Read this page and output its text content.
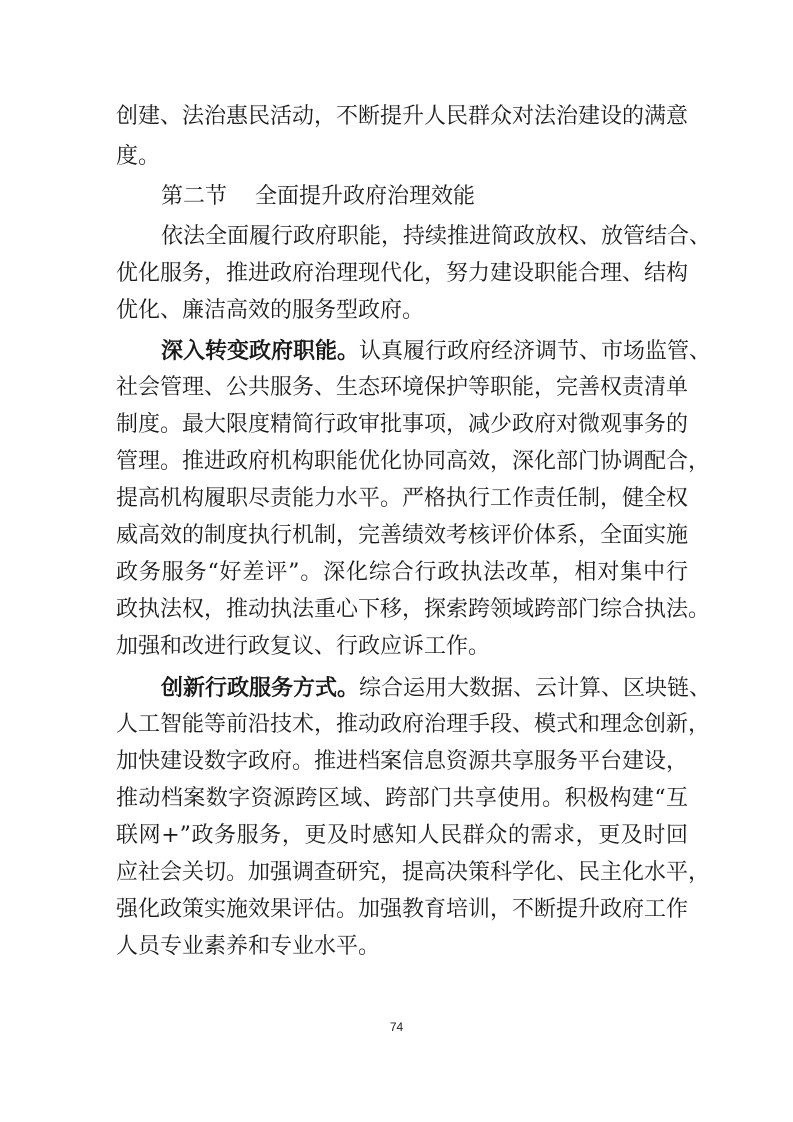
创建、法治惠民活动，不断提升人民群众对法治建设的满意
度。
第二节 全面提升政府治理效能
依法全面履行政府职能，持续推进简政放权、放管结合、
优化服务，推进政府治理现代化，努力建设职能合理、结构
优化、廉洁高效的服务型政府。
深入转变政府职能。认真履行政府经济调节、市场监管、
社会管理、公共服务、生态环境保护等职能，完善权责清单
制度。最大限度精简行政审批事项，减少政府对微观事务的
管理。推进政府机构职能优化协同高效，深化部门协调配合，
提高机构履职尽责能力水平。严格执行工作责任制，健全权
威高效的制度执行机制，完善绩效考核评价体系，全面实施
政务服务“好差评”。深化综合行政执法改革，相对集中行
政执法权，推动执法重心下移，探索跨领域跨部门综合执法。
加强和改进行政复议、行政应诉工作。
创新行政服务方式。综合运用大数据、云计算、区块链、
人工智能等前沿技术，推动政府治理手段、模式和理念创新，
加快建设数字政府。推进档案信息资源共享服务平台建设，
推动档案数字资源跨区域、跨部门共享使用。积极构建“互
联网+”政务服务，更及时感知人民群众的需求，更及时回
应社会关切。加强调查研究，提高决策科学化、民主化水平，
强化政策实施效果评估。加强教育培训，不断提升政府工作
人员专业素养和专业水平。
74
